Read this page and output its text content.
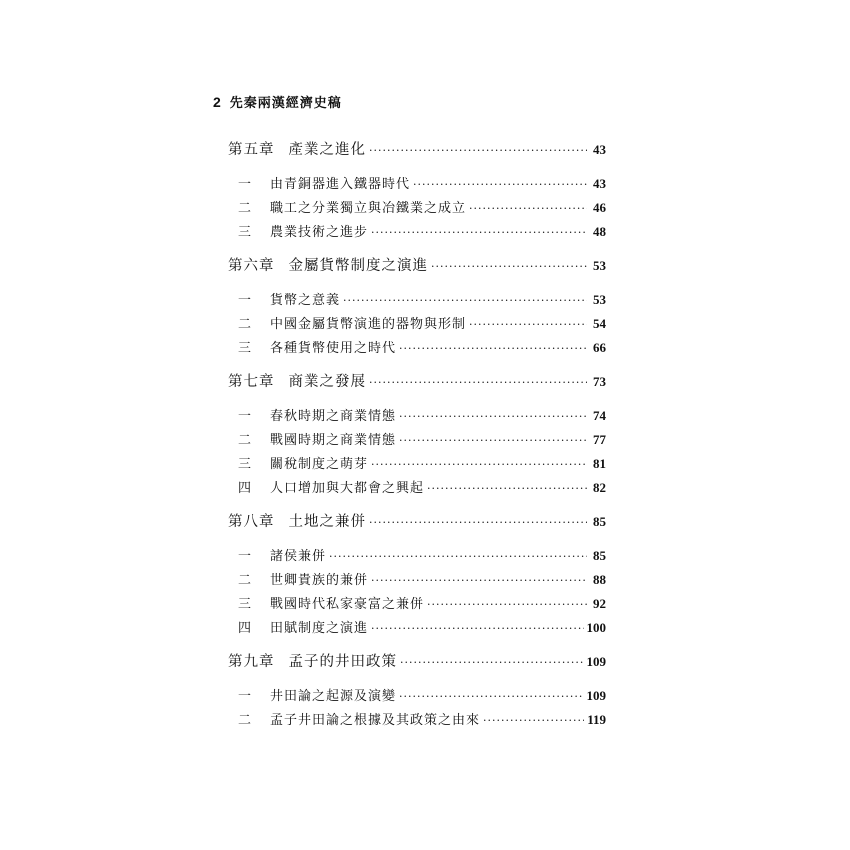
2 先秦兩漢經濟史稿
第五章 產業之進化 ·····	43
一	由青銅器進入鐵器時代 ·····	43
二	職工之分業獨立與冶鐵業之成立 ·····	46
三	農業技術之進步 ·····	48
第六章 金屬貨幣制度之演進 ·····	53
一	貨幣之意義 ·····	53
二	中國金屬貨幣演進的器物與形制 ·····	54
三	各種貨幣使用之時代 ·····	66
第七章 商業之發展 ·····	73
一	春秋時期之商業情態 ·····	74
二	戰國時期之商業情態 ·····	77
三	關稅制度之萌芽 ·····	81
四	人口增加與大都會之興起 ·····	82
第八章 土地之兼併 ·····	85
一	諸侯兼併 ·····	85
二	世卿貴族的兼併 ·····	88
三	戰國時代私家豪富之兼併 ·····	92
四	田賦制度之演進 ·····	100
第九章 孟子的井田政策 ·····	109
一	井田論之起源及演變 ·····	109
二	孟子井田論之根據及其政策之由來 ·····	119
